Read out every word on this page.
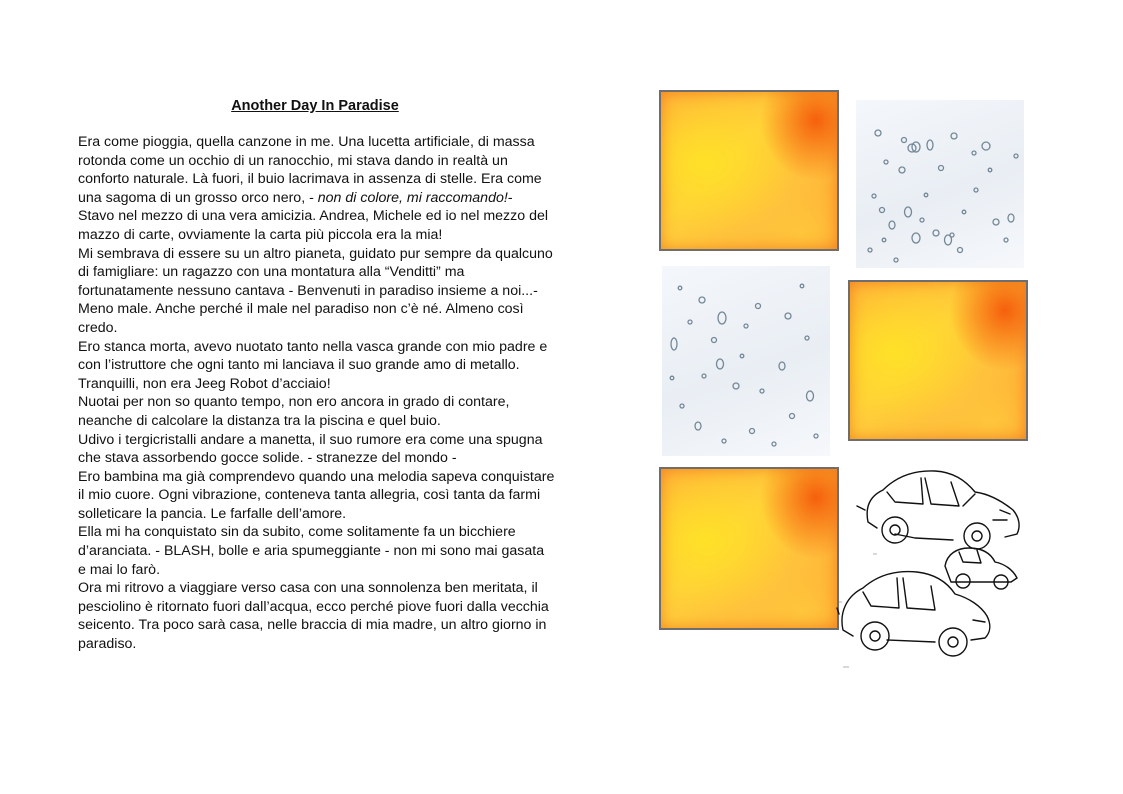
Another Day In Paradise

Era come pioggia, quella canzone in me. Una lucetta artificiale, di massa
rotonda come un occhio di un ranocchio, mi stava dando in realtà un
conforto naturale. Là fuori, il buio lacrimava in assenza di stelle. Era come
una sagoma di un grosso orco nero, - non di colore, mi raccomando!-
Stavo nel mezzo di una vera amicizia. Andrea, Michele ed io nel mezzo del
mazzo di carte, ovviamente la carta più piccola era la mia!
Mi sembrava di essere su un altro pianeta, guidato pur sempre da qualcuno
di famigliare: un ragazzo con una montatura alla “Venditti” ma
fortunatamente nessuno cantava - Benvenuti in paradiso insieme a noi...-
Meno male. Anche perché il male nel paradiso non c’è né. Almeno così
credo.
Ero stanca morta, avevo nuotato tanto nella vasca grande con mio padre e
con l’istruttore che ogni tanto mi lanciava il suo grande amo di metallo.
Tranquilli, non era Jeeg Robot d’acciaio!
Nuotai per non so quanto tempo, non ero ancora in grado di contare,
neanche di calcolare la distanza tra la piscina e quel buio.
Udivo i tergicristalli andare a manetta, il suo rumore era come una spugna
che stava assorbendo gocce solide. - stranezze del mondo -
Ero bambina ma già comprendevo quando una melodia sapeva conquistare
il mio cuore. Ogni vibrazione, conteneva tanta allegria, così tanta da farmi
solleticare la pancia. Le farfalle dell’amore.
Ella mi ha conquistato sin da subito, come solitamente fa un bicchiere
d’aranciata. - BLASH, bolle e aria spumeggiante - non mi sono mai gasata
e mai lo farò.
Ora mi ritrovo a viaggiare verso casa con una sonnolenza ben meritata, il
pesciolino è ritornato fuori dall’acqua, ecco perché piove fuori dalla vecchia
seicento. Tra poco sarà casa, nelle braccia di mia madre, un altro giorno in
paradiso.
